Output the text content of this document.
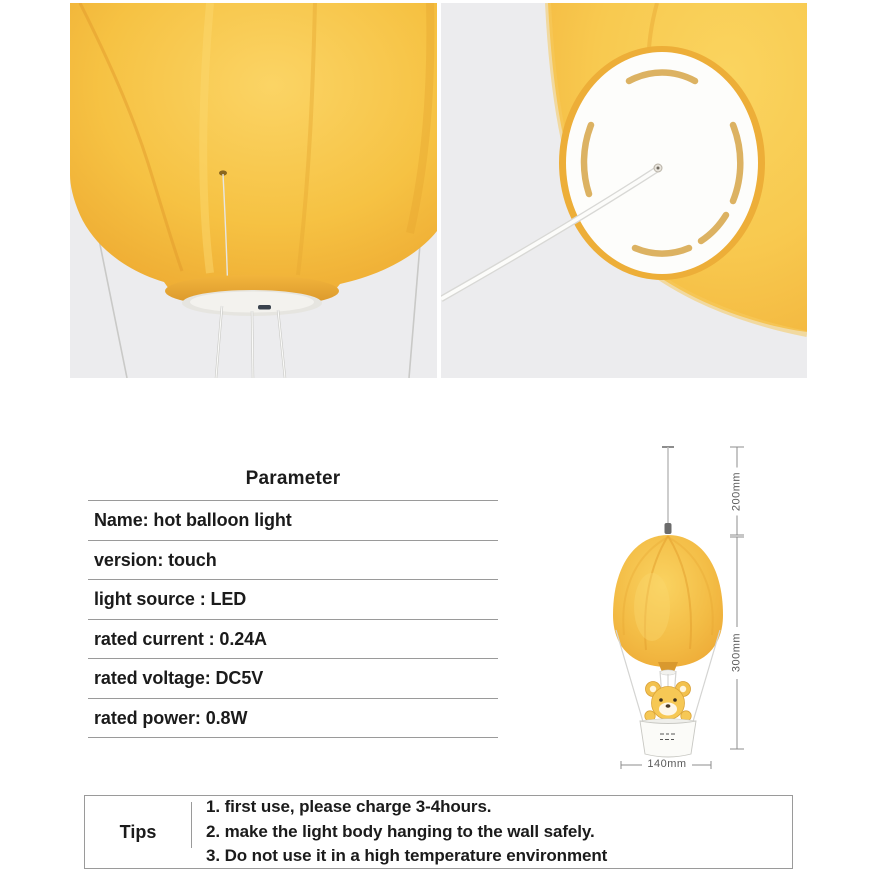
Parameter
Name: hot balloon light
version: touch
light source : LED
rated current : 0.24A
rated voltage: DC5V
rated power: 0.8W
200mm
300mm
140mm
Tips
1. first use, please charge 3-4hours.
2. make the light body hanging to the wall safely.
3. Do not use it in a high temperature environment
